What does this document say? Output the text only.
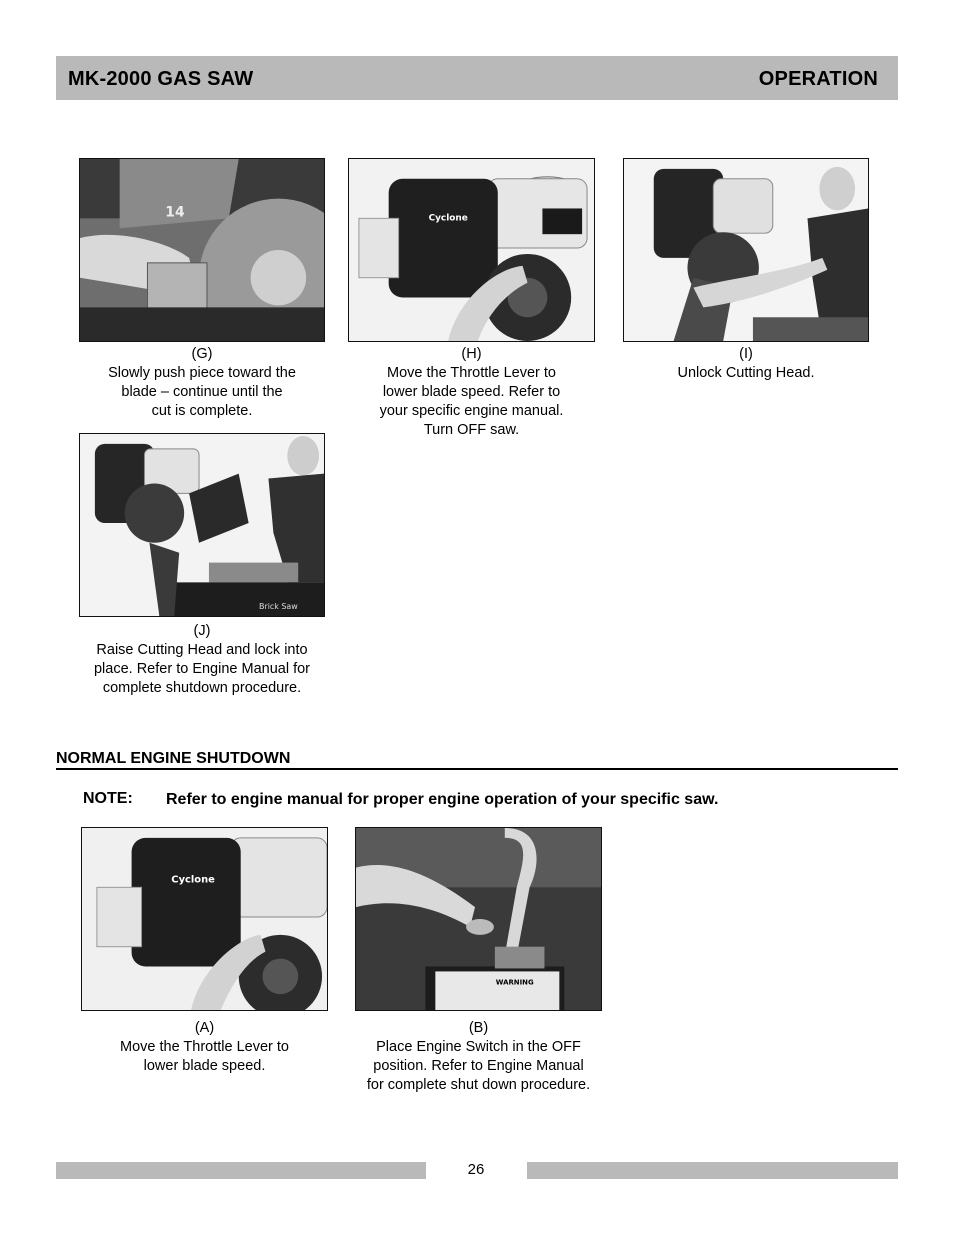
MK-2000 GAS SAW	OPERATION
14
(G)
Slowly push piece toward the
blade – continue until the
cut is complete.
Cyclone
(H)
Move the Throttle Lever to
lower blade speed. Refer to
your specific engine manual.
Turn OFF saw.
(I)
Unlock Cutting Head.
Brick Saw
(J)
Raise Cutting Head and lock into
place. Refer to Engine Manual for
complete shutdown procedure.
NORMAL ENGINE SHUTDOWN
NOTE: Refer to engine manual for proper engine operation of your specific saw.
Cyclone
(A)
Move the Throttle Lever to
lower blade speed.
WARNING
(B)
Place Engine Switch in the OFF
position. Refer to Engine Manual
for complete shut down procedure.
26
